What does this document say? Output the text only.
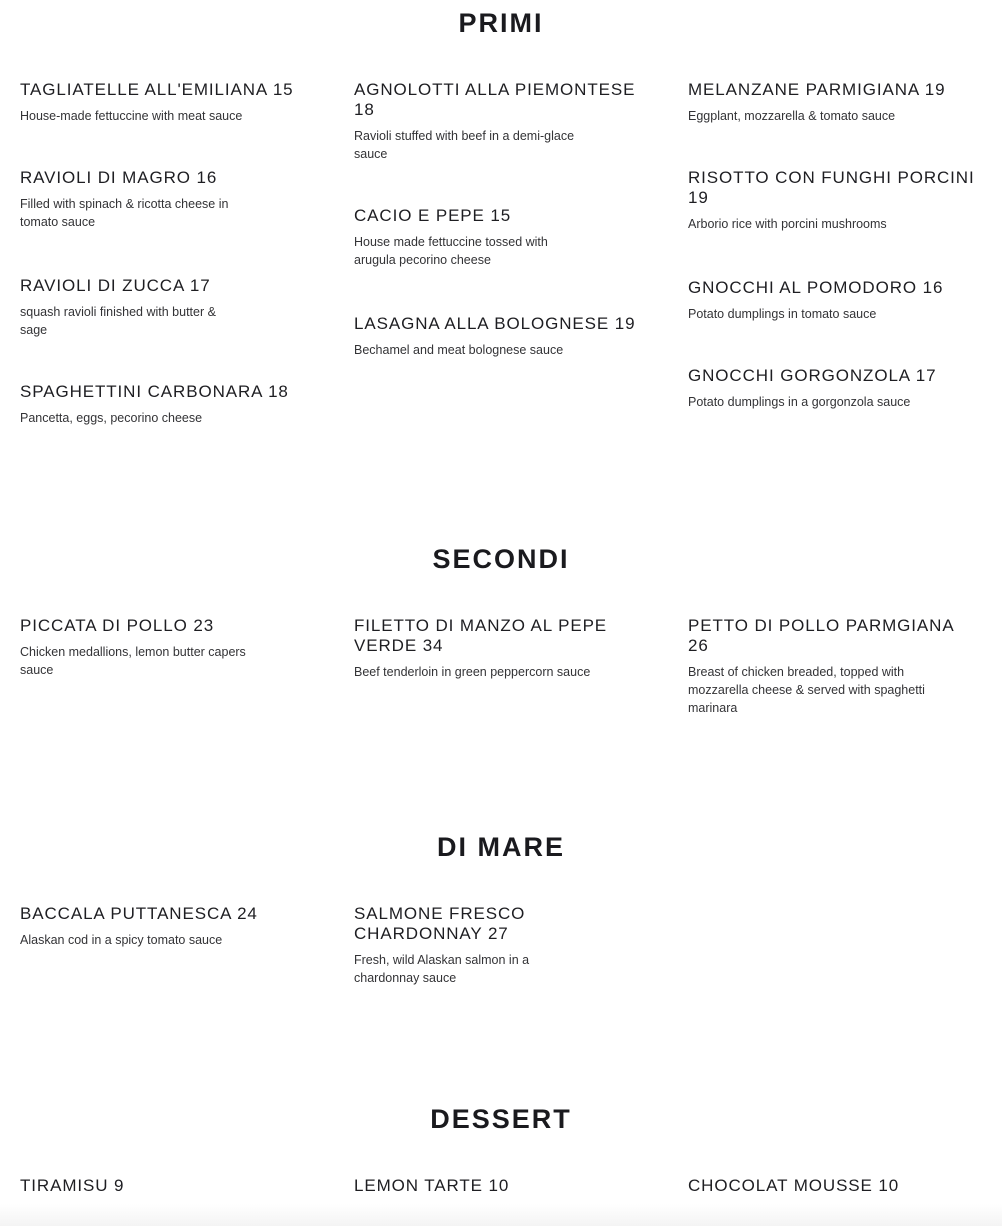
PRIMI
TAGLIATELLE ALL'EMILIANA 15

House-made fettuccine with meat sauce

RAVIOLI DI MAGRO 16

Filled with spinach & ricotta cheese in tomato sauce

RAVIOLI DI ZUCCA 17

squash ravioli finished with butter & sage

SPAGHETTINI CARBONARA 18

Pancetta, eggs, pecorino cheese

AGNOLOTTI ALLA PIEMONTESE 18

Ravioli stuffed with beef in a demi-glace sauce

CACIO E PEPE 15

House made fettuccine tossed with arugula pecorino cheese

LASAGNA ALLA BOLOGNESE 19

Bechamel and meat bolognese sauce

MELANZANE PARMIGIANA 19

Eggplant, mozzarella & tomato sauce

RISOTTO CON FUNGHI PORCINI 19

Arborio rice with porcini mushrooms

GNOCCHI AL POMODORO 16

Potato dumplings in tomato sauce

GNOCCHI GORGONZOLA 17

Potato dumplings in a gorgonzola sauce

SECONDI
PICCATA DI POLLO 23

Chicken medallions, lemon butter capers sauce

FILETTO DI MANZO AL PEPE VERDE 34

Beef tenderloin in green peppercorn sauce

PETTO DI POLLO PARMGIANA 26

Breast of chicken breaded, topped with mozzarella cheese & served with spaghetti marinara

DI MARE
BACCALA PUTTANESCA 24

Alaskan cod in a spicy tomato sauce

SALMONE FRESCO CHARDONNAY 27

Fresh, wild Alaskan salmon in a chardonnay sauce

DESSERT
TIRAMISU 9	LEMON TARTE 10	CHOCOLAT MOUSSE 10
